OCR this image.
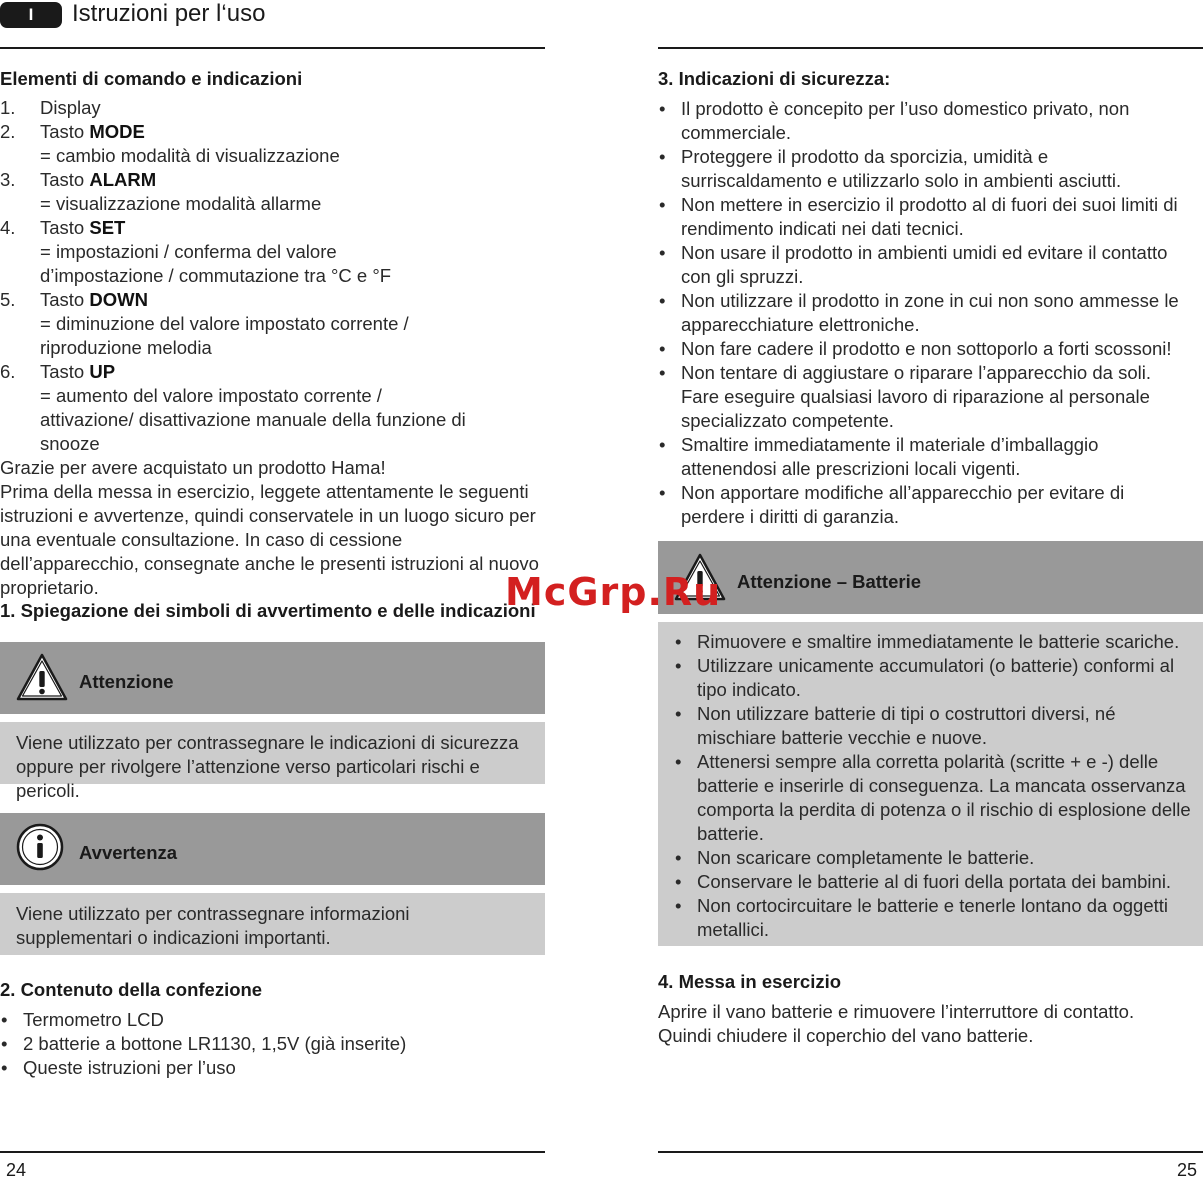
I	Istruzioni per l‘uso
Elementi di comando e indicazioni
1. Display
2. Tasto MODE
= cambio modalità di visualizzazione
3. Tasto ALARM
= visualizzazione modalità allarme
4. Tasto SET
= impostazioni / conferma del valore d’impostazione / commutazione tra °C e °F
5. Tasto DOWN
= diminuzione del valore impostato corrente / riproduzione melodia
6. Tasto UP
= aumento del valore impostato corrente / attivazione/ disattivazione manuale della funzione di snooze

Grazie per avere acquistato un prodotto Hama!
Prima della messa in esercizio, leggete attentamente le seguenti istruzioni e avvertenze, quindi conservatele in un luogo sicuro per una eventuale consultazione. In caso di cessione dell’apparecchio, consegnate anche le presenti istruzioni al nuovo proprietario.

1. Spiegazione dei simboli di avvertimento e delle indicazioni
Attenzione
Viene utilizzato per contrassegnare le indicazioni di sicurezza oppure per rivolgere l’attenzione verso particolari rischi e pericoli.
Avvertenza
Viene utilizzato per contrassegnare informazioni supplementari o indicazioni importanti.
2. Contenuto della confezione
• Termometro LCD
• 2 batterie a bottone LR1130, 1,5V (già inserite)
• Queste istruzioni per l’uso
24
3. Indicazioni di sicurezza:
• Il prodotto è concepito per l’uso domestico privato, non commerciale.
• Proteggere il prodotto da sporcizia, umidità e surriscaldamento e utilizzarlo solo in ambienti asciutti.
• Non mettere in esercizio il prodotto al di fuori dei suoi limiti di rendimento indicati nei dati tecnici.
• Non usare il prodotto in ambienti umidi ed evitare il contatto con gli spruzzi.
• Non utilizzare il prodotto in zone in cui non sono ammesse le apparecchiature elettroniche.
• Non fare cadere il prodotto e non sottoporlo a forti scossoni!
• Non tentare di aggiustare o riparare l’apparecchio da soli. Fare eseguire qualsiasi lavoro di riparazione al personale specializzato competente.
• Smaltire immediatamente il materiale d’imballaggio attenendosi alle prescrizioni locali vigenti.
• Non apportare modifiche all’apparecchio per evitare di perdere i diritti di garanzia.
Attenzione – Batterie
• Rimuovere e smaltire immediatamente le batterie scariche.
• Utilizzare unicamente accumulatori (o batterie) conformi al tipo indicato.
• Non utilizzare batterie di tipi o costruttori diversi, né mischiare batterie vecchie e nuove.
• Attenersi sempre alla corretta polarità (scritte + e -) delle batterie e inserirle di conseguenza. La mancata osservanza comporta la perdita di potenza o il rischio di esplosione delle batterie.
• Non scaricare completamente le batterie.
• Conservare le batterie al di fuori della portata dei bambini.
• Non cortocircuitare le batterie e tenerle lontano da oggetti metallici.
4. Messa in esercizio

Aprire il vano batterie e rimuovere l’interruttore di contatto. Quindi chiudere il coperchio del vano batterie.

25
McGrp.Ru
